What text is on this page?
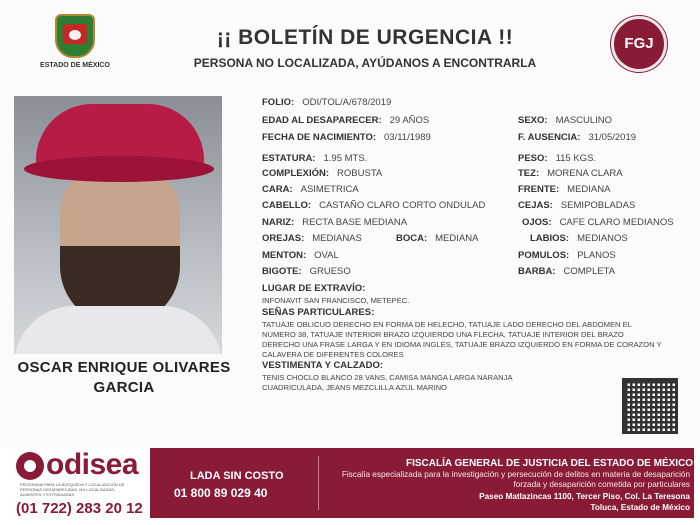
ESTADO DE MÉXICO
¡¡ BOLETÍN DE URGENCIA !!
PERSONA NO LOCALIZADA, AYÚDANOS A ENCONTRARLA
FGJ
OSCAR ENRIQUE OLIVARES
GARCIA
FOLIO: ODI/TOL/A/678/2019
EDAD AL DESAPARECER: 29 AÑOS	SEXO: MASCULINO
FECHA DE NACIMIENTO: 03/11/1989	F. AUSENCIA: 31/05/2019
ESTATURA: 1.95 MTS.	PESO: 115 KGS.
COMPLEXIÓN: ROBUSTA	TEZ: MORENA CLARA
CARA: ASIMETRICA	FRENTE: MEDIANA
CABELLO: CASTAÑO CLARO CORTO ONDULAD	CEJAS: SEMIPOBLADAS
NARIZ: RECTA BASE MEDIANA	OJOS: CAFE CLARO MEDIANOS
OREJAS: MEDIANAS	BOCA: MEDIANA	LABIOS: MEDIANOS
MENTON: OVAL	POMULOS: PLANOS
BIGOTE: GRUESO	BARBA: COMPLETA
LUGAR DE EXTRAVÍO:
INFONAVIT SAN FRANCISCO, METEPEC.
SEÑAS PARTICULARES:
TATUAJE OBLICUO DERECHO EN FORMA DE HELECHO, TATUAJE LADO DERECHO DEL ABDOMEN EL NUMERO 38, TATUAJE INTERIOR BRAZO IZQUIERDO UNA FLECHA, TATUAJE INTERIOR DEL BRAZO DERECHO UNA FRASE LARGA Y EN IDIOMA INGLES, TATUAJE BRAZO IZQUIERDO EN FORMA DE CORAZON Y CALAVERA DE DIFERENTES COLORES
VESTIMENTA Y CALZADO:
TENIS CHOCLO BLANCO 28 VANS, CAMISA MANGA LARGA NARANJA CUADRICULADA, JEANS MEZCLILLA AZUL MARINO
odisea
PROGRAMA PARA LA BÚSQUEDA Y LOCALIZACIÓN DE PERSONAS DESAPARECIDAS, NO LOCALIZADAS, AUSENTES Y EXTRAVIADAS
(01 722) 283 20 12
LADA SIN COSTO
01 800 89 029 40
FISCALÍA GENERAL DE JUSTICIA DEL ESTADO DE MÉXICO
Fiscalía especializada para la investigación y persecución de delitos en materia de desaparición forzada y desaparición cometida por particulares
Paseo Matlazincas 1100, Tercer Piso, Col. La Teresona
Toluca, Estado de México
